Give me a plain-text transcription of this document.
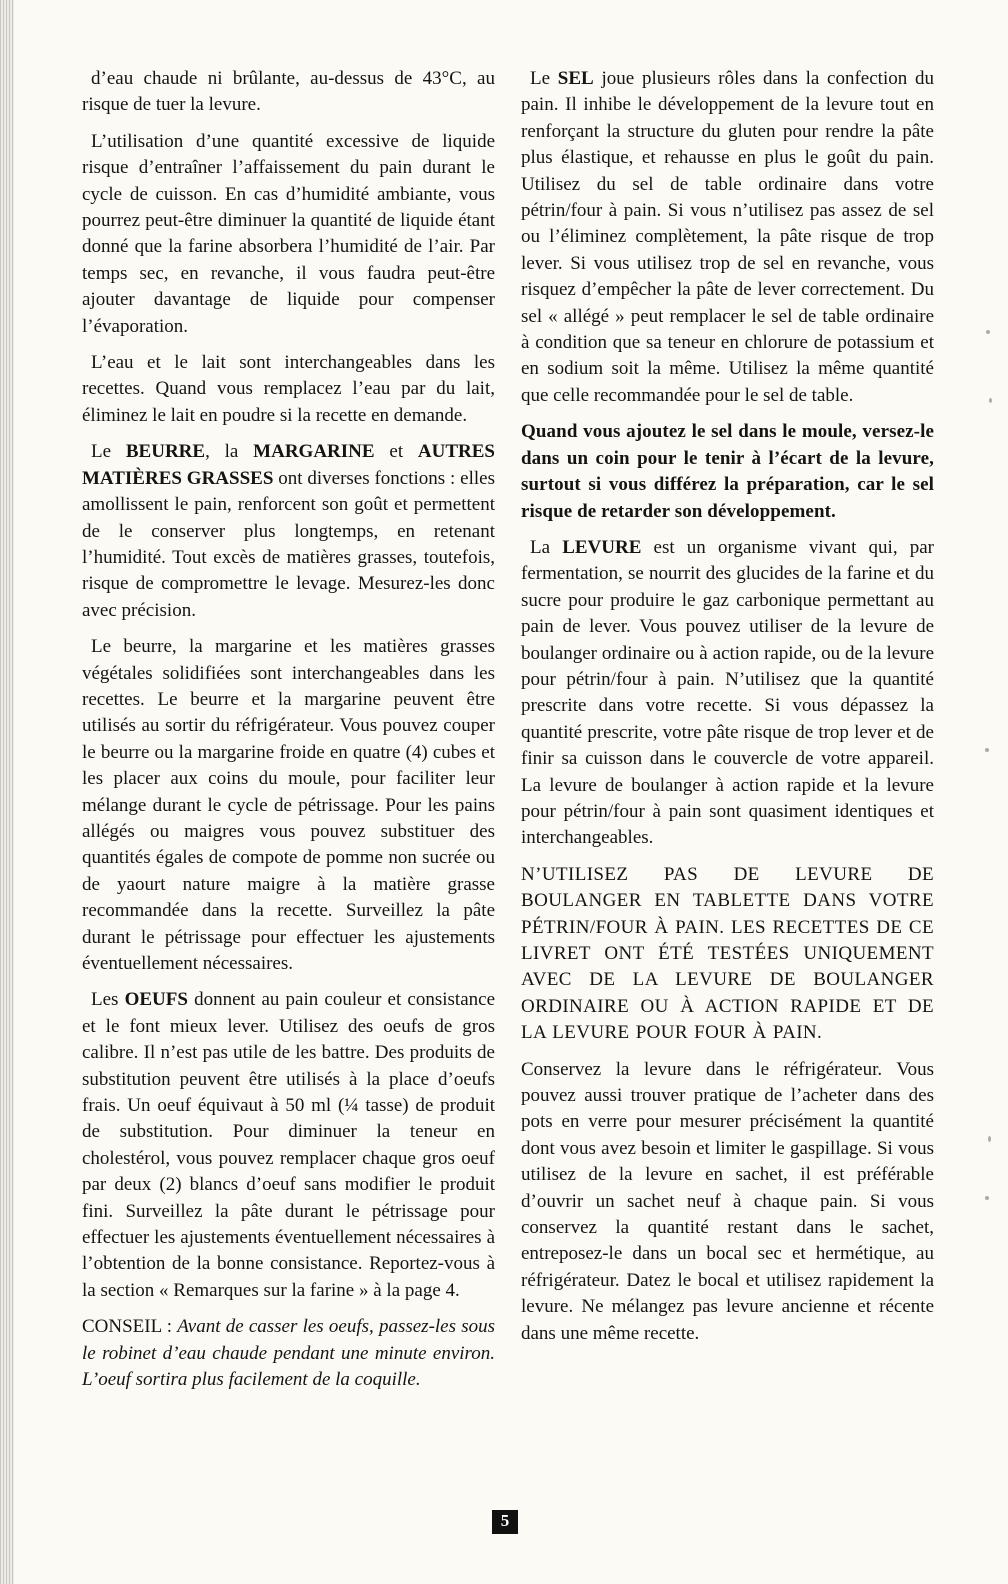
d’eau chaude ni brûlante, au-dessus de 43°C, au risque de tuer la levure.

L’utilisation d’une quantité excessive de liquide risque d’entraîner l’affaissement du pain durant le cycle de cuisson. En cas d’humidité ambiante, vous pourrez peut-être diminuer la quantité de liquide étant donné que la farine absorbera l’humidité de l’air. Par temps sec, en revanche, il vous faudra peut-être ajouter davantage de liquide pour compenser l’évaporation.

L’eau et le lait sont interchangeables dans les recettes. Quand vous remplacez l’eau par du lait, éliminez le lait en poudre si la recette en demande.

Le BEURRE, la MARGARINE et AUTRES MATIÈRES GRASSES ont diverses fonctions : elles amollissent le pain, renforcent son goût et permettent de le conserver plus longtemps, en retenant l’humidité. Tout excès de matières grasses, toutefois, risque de compromettre le levage. Mesurez-les donc avec précision.

Le beurre, la margarine et les matières grasses végétales solidifiées sont interchangeables dans les recettes. Le beurre et la margarine peuvent être utilisés au sortir du réfrigérateur. Vous pouvez couper le beurre ou la margarine froide en quatre (4) cubes et les placer aux coins du moule, pour faciliter leur mélange durant le cycle de pétrissage. Pour les pains allégés ou maigres vous pouvez substituer des quantités égales de compote de pomme non sucrée ou de yaourt nature maigre à la matière grasse recommandée dans la recette. Surveillez la pâte durant le pétrissage pour effectuer les ajustements éventuellement nécessaires.

Les OEUFS donnent au pain couleur et consistance et le font mieux lever. Utilisez des oeufs de gros calibre. Il n’est pas utile de les battre. Des produits de substitution peuvent être utilisés à la place d’oeufs frais. Un oeuf équivaut à 50 ml (¼ tasse) de produit de substitution. Pour diminuer la teneur en cholestérol, vous pouvez remplacer chaque gros oeuf par deux (2) blancs d’oeuf sans modifier le produit fini. Surveillez la pâte durant le pétrissage pour effectuer les ajustements éventuellement nécessaires à l’obtention de la bonne consistance. Reportez-vous à la section « Remarques sur la farine » à la page 4.

CONSEIL : Avant de casser les oeufs, passez-les sous le robinet d’eau chaude pendant une minute environ. L’oeuf sortira plus facilement de la coquille.

Le SEL joue plusieurs rôles dans la confection du pain. Il inhibe le développement de la levure tout en renforçant la structure du gluten pour rendre la pâte plus élastique, et rehausse en plus le goût du pain. Utilisez du sel de table ordinaire dans votre pétrin/four à pain. Si vous n’utilisez pas assez de sel ou l’éliminez complètement, la pâte risque de trop lever. Si vous utilisez trop de sel en revanche, vous risquez d’empêcher la pâte de lever correctement. Du sel « allégé » peut remplacer le sel de table ordinaire à condition que sa teneur en chlorure de potassium et en sodium soit la même. Utilisez la même quantité que celle recommandée pour le sel de table.

Quand vous ajoutez le sel dans le moule, versez-le dans un coin pour le tenir à l’écart de la levure, surtout si vous différez la préparation, car le sel risque de retarder son développement.

La LEVURE est un organisme vivant qui, par fermentation, se nourrit des glucides de la farine et du sucre pour produire le gaz carbonique permettant au pain de lever. Vous pouvez utiliser de la levure de boulanger ordinaire ou à action rapide, ou de la levure pour pétrin/four à pain. N’utilisez que la quantité prescrite dans votre recette. Si vous dépassez la quantité prescrite, votre pâte risque de trop lever et de finir sa cuisson dans le couvercle de votre appareil. La levure de boulanger à action rapide et la levure pour pétrin/four à pain sont quasiment identiques et interchangeables.

N’UTILISEZ PAS DE LEVURE DE BOULANGER EN TABLETTE DANS VOTRE PÉTRIN/FOUR À PAIN. LES RECETTES DE CE LIVRET ONT ÉTÉ TESTÉES UNIQUEMENT AVEC DE LA LEVURE DE BOULANGER ORDINAIRE OU À ACTION RAPIDE ET DE LA LEVURE POUR FOUR À PAIN.

Conservez la levure dans le réfrigérateur. Vous pouvez aussi trouver pratique de l’acheter dans des pots en verre pour mesurer précisément la quantité dont vous avez besoin et limiter le gaspillage. Si vous utilisez de la levure en sachet, il est préférable d’ouvrir un sachet neuf à chaque pain. Si vous conservez la quantité restant dans le sachet, entreposez-le dans un bocal sec et hermétique, au réfrigérateur. Datez le bocal et utilisez rapidement la levure. Ne mélangez pas levure ancienne et récente dans une même recette.

5
